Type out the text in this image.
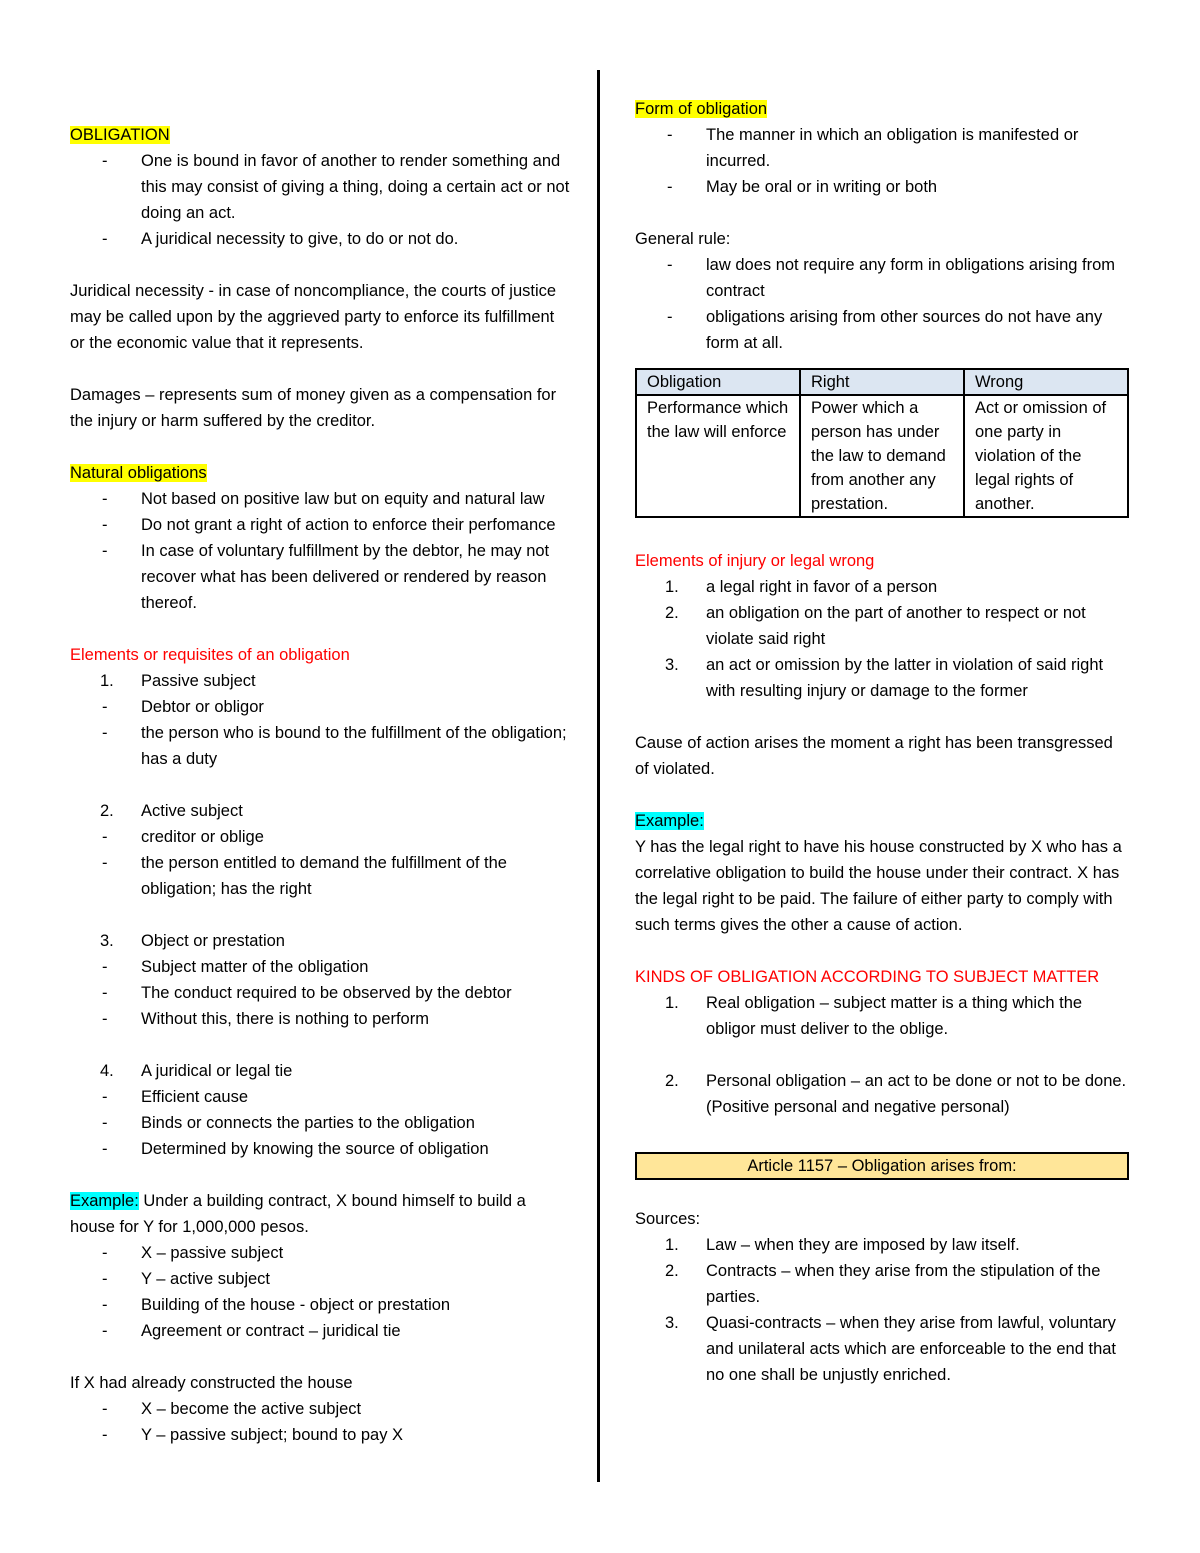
OBLIGATION

- One is bound in favor of another to render something and this may consist of giving a thing, doing a certain act or not doing an act.
- A juridical necessity to give, to do or not do.

Juridical necessity - in case of noncompliance, the courts of justice may be called upon by the aggrieved party to enforce its fulfillment or the economic value that it represents.

Damages – represents sum of money given as a compensation for the injury or harm suffered by the creditor.

Natural obligations

- Not based on positive law but on equity and natural law
- Do not grant a right of action to enforce their perfomance
- In case of voluntary fulfillment by the debtor, he may not recover what has been delivered or rendered by reason thereof.

Elements or requisites of an obligation

1. Passive subject
- Debtor or obligor
- the person who is bound to the fulfillment of the obligation; has a duty
2. Active subject
- creditor or oblige
- the person entitled to demand the fulfillment of the obligation; has the right
3. Object or prestation
- Subject matter of the obligation
- The conduct required to be observed by the debtor
- Without this, there is nothing to perform
4. A juridical or legal tie
- Efficient cause
- Binds or connects the parties to the obligation
- Determined by knowing the source of obligation

Example: Under a building contract, X bound himself to build a house for Y for 1,000,000 pesos.

- X – passive subject
- Y – active subject
- Building of the house - object or prestation
- Agreement or contract – juridical tie

If X had already constructed the house

- X – become the active subject
- Y – passive subject; bound to pay X

Form of obligation

- The manner in which an obligation is manifested or incurred.
- May be oral or in writing or both

General rule:

- law does not require any form in obligations arising from contract
- obligations arising from other sources do not have any form at all.
Obligation	Right	Wrong
Performance which the law will enforce	Power which a person has under the law to demand from another any prestation.	Act or omission of one party in violation of the legal rights of another.

Elements of injury or legal wrong

1. a legal right in favor of a person
2. an obligation on the part of another to respect or not violate said right
3. an act or omission by the latter in violation of said right with resulting injury or damage to the former

Cause of action arises the moment a right has been transgressed of violated.

Example:

Y has the legal right to have his house constructed by X who has a correlative obligation to build the house under their contract. X has the legal right to be paid. The failure of either party to comply with such terms gives the other a cause of action.

KINDS OF OBLIGATION ACCORDING TO SUBJECT MATTER

1. Real obligation – subject matter is a thing which the obligor must deliver to the oblige.
2. Personal obligation – an act to be done or not to be done. (Positive personal and negative personal)
Article 1157 – Obligation arises from:

Sources:

1. Law – when they are imposed by law itself.
2. Contracts – when they arise from the stipulation of the parties.
3. Quasi-contracts – when they arise from lawful, voluntary and unilateral acts which are enforceable to the end that no one shall be unjustly enriched.
